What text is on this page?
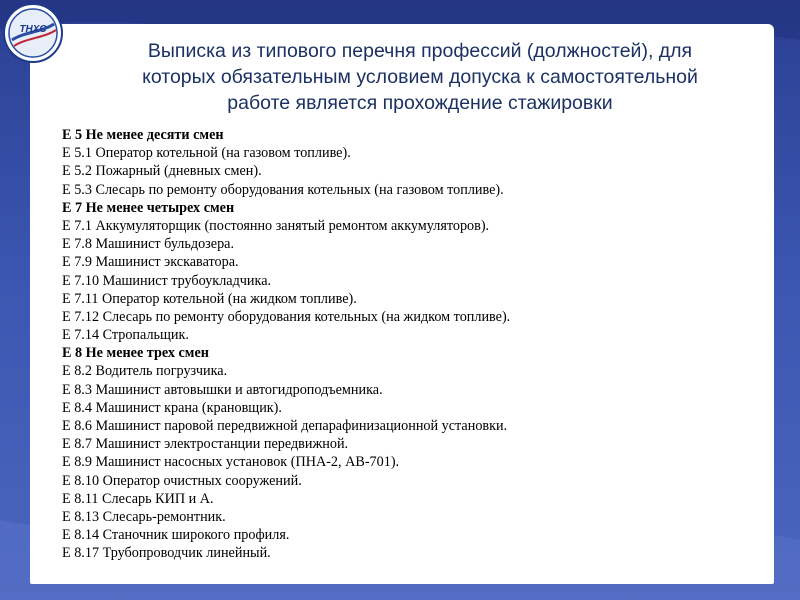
ТНХС
Выписка из типового перечня профессий (должностей), для
которых обязательным условием допуска к самостоятельной
работе является прохождение стажировки
Е 5 Не менее десяти смен
Е 5.1 Оператор котельной (на газовом топливе).
Е 5.2 Пожарный (дневных смен).
Е 5.3 Слесарь по ремонту оборудования котельных (на газовом топливе).
Е 7 Не менее четырех смен
Е 7.1 Аккумуляторщик (постоянно занятый ремонтом аккумуляторов).
Е 7.8 Машинист бульдозера.
Е 7.9 Машинист экскаватора.
Е 7.10 Машинист трубоукладчика.
Е 7.11 Оператор котельной (на жидком топливе).
Е 7.12 Слесарь по ремонту оборудования котельных (на жидком топливе).
Е 7.14 Стропальщик.
Е 8 Не менее трех смен
Е 8.2 Водитель погрузчика.
Е 8.3 Машинист автовышки и автогидроподъемника.
Е 8.4 Машинист крана (крановщик).
Е 8.6 Машинист паровой передвижной депарафинизационной установки.
Е 8.7 Машинист электростанции передвижной.
Е 8.9 Машинист насосных установок (ПНА-2, АВ-701).
Е 8.10 Оператор очистных сооружений.
Е 8.11 Слесарь КИП и А.
Е 8.13 Слесарь-ремонтник.
Е 8.14 Станочник широкого профиля.
Е 8.17 Трубопроводчик линейный.
